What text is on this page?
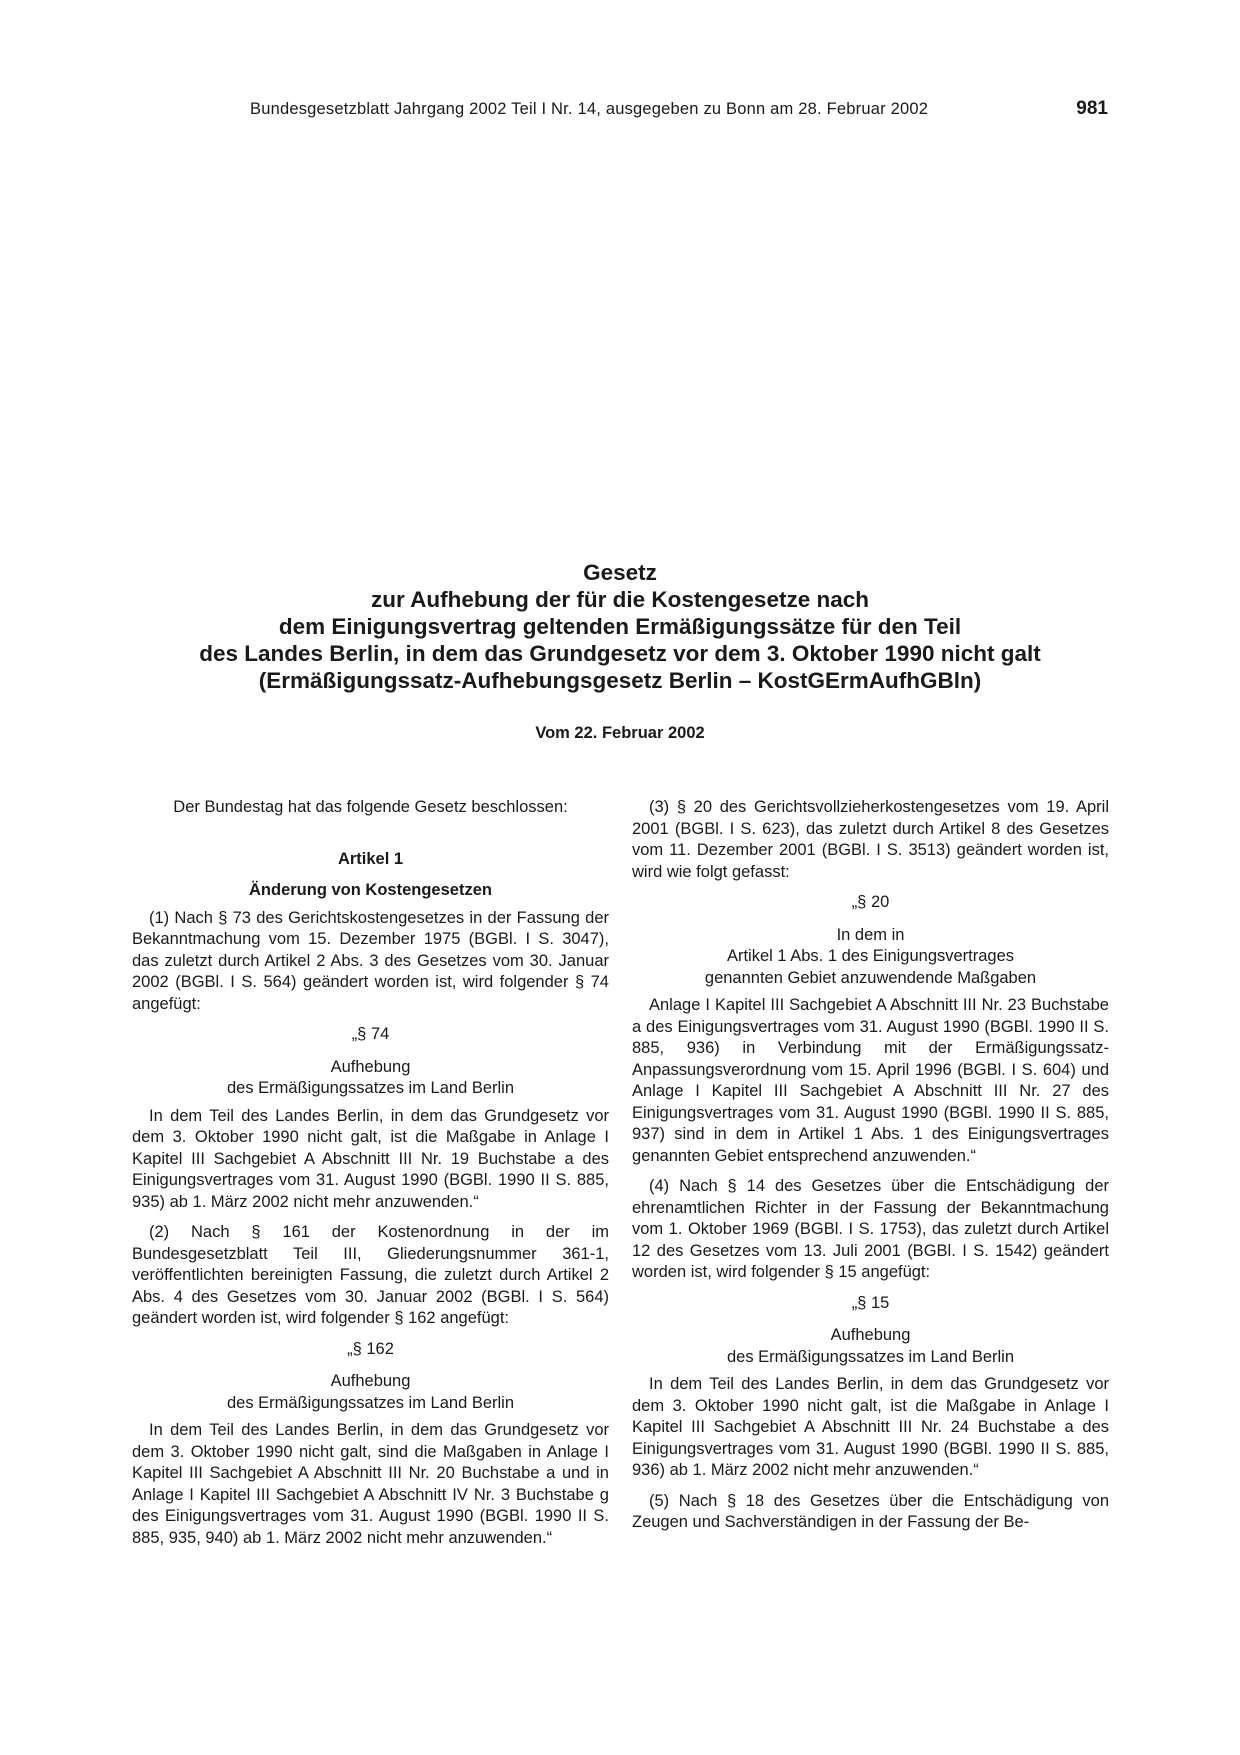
Bundesgesetzblatt Jahrgang 2002 Teil I Nr. 14, ausgegeben zu Bonn am 28. Februar 2002	981
Gesetz
zur Aufhebung der für die Kostengesetze nach
dem Einigungsvertrag geltenden Ermäßigungssätze für den Teil
des Landes Berlin, in dem das Grundgesetz vor dem 3. Oktober 1990 nicht galt
(Ermäßigungssatz-Aufhebungsgesetz Berlin – KostGErmAufhGBln)
Vom 22. Februar 2002
Der Bundestag hat das folgende Gesetz beschlossen:
Artikel 1
Änderung von Kostengesetzen

(1) Nach § 73 des Gerichtskostengesetzes in der Fassung der Bekanntmachung vom 15. Dezember 1975 (BGBl. I S. 3047), das zuletzt durch Artikel 2 Abs. 3 des Gesetzes vom 30. Januar 2002 (BGBl. I S. 564) geändert worden ist, wird folgender § 74 angefügt:

„§ 74
Aufhebung
des Ermäßigungssatzes im Land Berlin

In dem Teil des Landes Berlin, in dem das Grundgesetz vor dem 3. Oktober 1990 nicht galt, ist die Maßgabe in Anlage I Kapitel III Sachgebiet A Abschnitt III Nr. 19 Buchstabe a des Einigungsvertrages vom 31. August 1990 (BGBl. 1990 II S. 885, 935) ab 1. März 2002 nicht mehr anzuwenden.“

(2) Nach § 161 der Kostenordnung in der im Bundesgesetzblatt Teil III, Gliederungsnummer 361-1, veröffentlichten bereinigten Fassung, die zuletzt durch Artikel 2 Abs. 4 des Gesetzes vom 30. Januar 2002 (BGBl. I S. 564) geändert worden ist, wird folgender § 162 angefügt:

„§ 162
Aufhebung
des Ermäßigungssatzes im Land Berlin

In dem Teil des Landes Berlin, in dem das Grundgesetz vor dem 3. Oktober 1990 nicht galt, sind die Maßgaben in Anlage I Kapitel III Sachgebiet A Abschnitt III Nr. 20 Buchstabe a und in Anlage I Kapitel III Sachgebiet A Abschnitt IV Nr. 3 Buchstabe g des Einigungsvertrages vom 31. August 1990 (BGBl. 1990 II S. 885, 935, 940) ab 1. März 2002 nicht mehr anzuwenden.“

(3) § 20 des Gerichtsvollzieherkostengesetzes vom 19. April 2001 (BGBl. I S. 623), das zuletzt durch Artikel 8 des Gesetzes vom 11. Dezember 2001 (BGBl. I S. 3513) geändert worden ist, wird wie folgt gefasst:

„§ 20
In dem in
Artikel 1 Abs. 1 des Einigungsvertrages
genannten Gebiet anzuwendende Maßgaben

Anlage I Kapitel III Sachgebiet A Abschnitt III Nr. 23 Buchstabe a des Einigungsvertrages vom 31. August 1990 (BGBl. 1990 II S. 885, 936) in Verbindung mit der Ermäßigungssatz-Anpassungsverordnung vom 15. April 1996 (BGBl. I S. 604) und Anlage I Kapitel III Sachgebiet A Abschnitt III Nr. 27 des Einigungsvertrages vom 31. August 1990 (BGBl. 1990 II S. 885, 937) sind in dem in Artikel 1 Abs. 1 des Einigungsvertrages genannten Gebiet entsprechend anzuwenden.“

(4) Nach § 14 des Gesetzes über die Entschädigung der ehrenamtlichen Richter in der Fassung der Bekanntmachung vom 1. Oktober 1969 (BGBl. I S. 1753), das zuletzt durch Artikel 12 des Gesetzes vom 13. Juli 2001 (BGBl. I S. 1542) geändert worden ist, wird folgender § 15 angefügt:

„§ 15
Aufhebung
des Ermäßigungssatzes im Land Berlin

In dem Teil des Landes Berlin, in dem das Grundgesetz vor dem 3. Oktober 1990 nicht galt, ist die Maßgabe in Anlage I Kapitel III Sachgebiet A Abschnitt III Nr. 24 Buchstabe a des Einigungsvertrages vom 31. August 1990 (BGBl. 1990 II S. 885, 936) ab 1. März 2002 nicht mehr anzuwenden.“

(5) Nach § 18 des Gesetzes über die Entschädigung von Zeugen und Sachverständigen in der Fassung der Be-
